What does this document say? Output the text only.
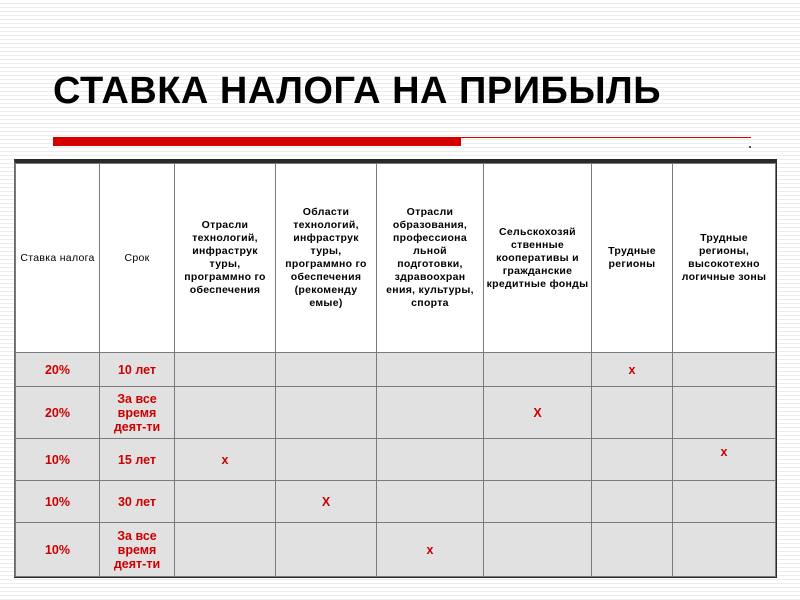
СТАВКА НАЛОГА НА ПРИБЫЛЬ
Ставка налога	Срок	Отрасли технологий, инфраструк туры, программно го обеспечения	Области технологий, инфраструк туры, программно го обеспечения (рекоменду емые)	Отрасли образования, профессиона льной подготовки, здравоохран ения, культуры, спорта	Сельскохозяй ственные кооперативы и гражданские кредитные фонды	Трудные регионы	Трудные регионы, высокотехно логичные зоны
20%	10 лет					x	
20%	За все время деят-ти				X		
10%	15 лет	x					x
10%	30 лет		X				
10%	За все время деят-ти			x			
